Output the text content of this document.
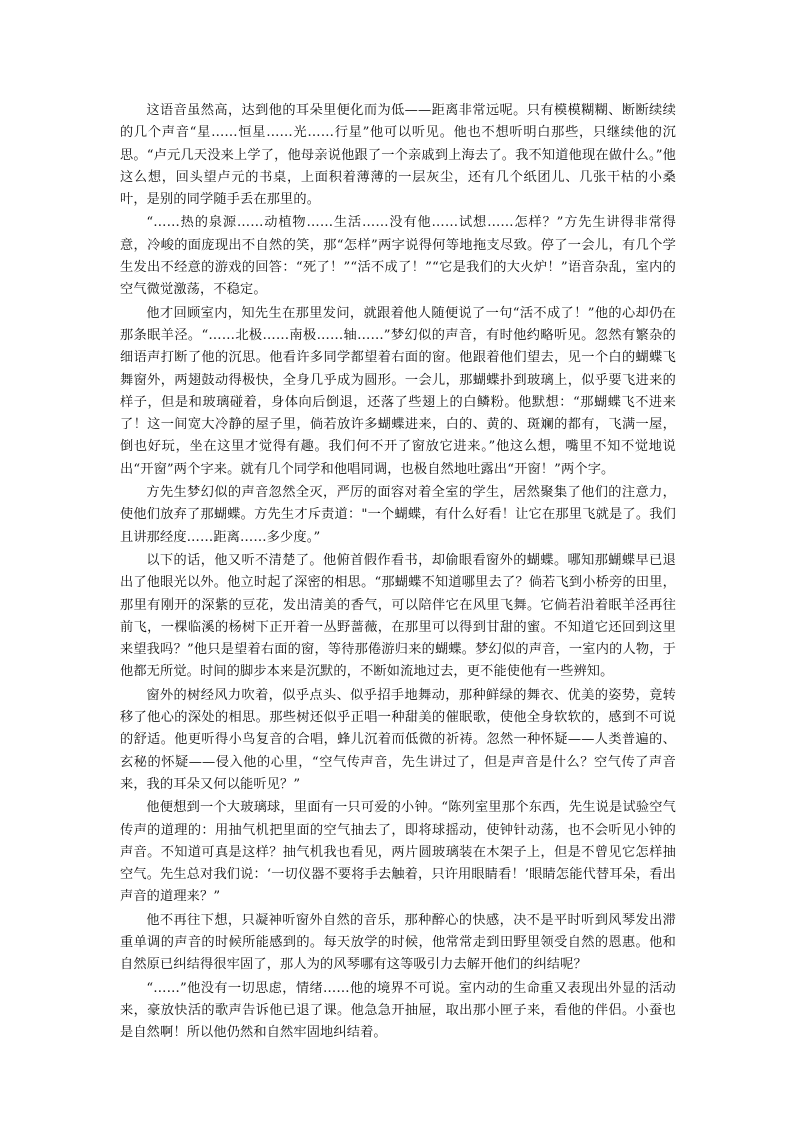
这语音虽然高，达到他的耳朵里便化而为低——距离非常远呢。只有模模糊糊、断断续续的几个声音“星……恒星……光……行星”他可以听见。他也不想听明白那些，只继续他的沉思。“卢元几天没来上学了，他母亲说他跟了一个亲戚到上海去了。我不知道他现在做什么。”他这么想，回头望卢元的书桌，上面积着薄薄的一层灰尘，还有几个纸团儿、几张干枯的小桑叶，是别的同学随手丢在那里的。

“……热的泉源……动植物……生活……没有他……试想……怎样？”方先生讲得非常得意，冷峻的面庞现出不自然的笑，那“怎样”两字说得何等地拖支尽致。停了一会儿，有几个学生发出不经意的游戏的回答：“死了！”“活不成了！”“它是我们的大火炉！”语音杂乱，室内的空气微觉激荡，不稳定。

他才回顾室内，知先生在那里发问，就跟着他人随便说了一句“活不成了！”他的心却仍在那条眠羊泾。“……北极……南极……轴……”梦幻似的声音，有时他约略听见。忽然有繁杂的细语声打断了他的沉思。他看许多同学都望着右面的窗。他跟着他们望去，见一个白的蝴蝶飞舞窗外，两翅鼓动得极快，全身几乎成为圆形。一会儿，那蝴蝶扑到玻璃上，似乎要飞进来的样子，但是和玻璃碰着，身体向后倒退，还落了些翅上的白鳞粉。他默想：“那蝴蝶飞不进来了！这一间宽大冷静的屋子里，倘若放许多蝴蝶进来，白的、黄的、斑斓的都有，飞满一屋，倒也好玩，坐在这里才觉得有趣。我们何不开了窗放它进来。”他这么想，嘴里不知不觉地说出“开窗”两个字来。就有几个同学和他唱同调，也极自然地吐露出“开窗！”两个字。

方先生梦幻似的声音忽然全灭，严厉的面容对着全室的学生，居然聚集了他们的注意力，使他们放弃了那蝴蝶。方先生才斥责道："一个蝴蝶，有什么好看！让它在那里飞就是了。我们且讲那经度……距离……多少度。”

以下的话，他又听不清楚了。他俯首假作看书，却偷眼看窗外的蝴蝶。哪知那蝴蝶早已退出了他眼光以外。他立时起了深密的相思。“那蝴蝶不知道哪里去了？倘若飞到小桥旁的田里，那里有刚开的深紫的豆花，发出清美的香气，可以陪伴它在风里飞舞。它倘若沿着眠羊泾再往前飞，一棵临溪的杨树下正开着一丛野蔷薇，在那里可以得到甘甜的蜜。不知道它还回到这里来望我吗？”他只是望着右面的窗，等待那倦游归来的蝴蝶。梦幻似的声音，一室内的人物，于他都无所觉。时间的脚步本来是沉默的，不断如流地过去，更不能使他有一些辨知。

窗外的树经风力吹着，似乎点头、似乎招手地舞动，那种鲜绿的舞衣、优美的姿势，竟转移了他心的深处的相思。那些树还似乎正唱一种甜美的催眠歌，使他全身软软的，感到不可说的舒适。他更听得小鸟复音的合唱，蜂儿沉着而低微的祈祷。忽然一种怀疑——人类普遍的、玄秘的怀疑——侵入他的心里，“空气传声音，先生讲过了，但是声音是什么？空气传了声音来，我的耳朵又何以能听见？”

他便想到一个大玻璃球，里面有一只可爱的小钟。“陈列室里那个东西，先生说是试验空气传声的道理的：用抽气机把里面的空气抽去了，即将球摇动，使钟针动荡，也不会听见小钟的声音。不知道可真是这样？抽气机我也看见，两片圆玻璃装在木架子上，但是不曾见它怎样抽空气。先生总对我们说：‘一切仪器不要将手去触着，只许用眼睛看！’眼睛怎能代替耳朵，看出声音的道理来？”

他不再往下想，只凝神听窗外自然的音乐，那种醉心的快感，决不是平时听到风琴发出滞重单调的声音的时候所能感到的。每天放学的时候，他常常走到田野里领受自然的恩惠。他和自然原已纠结得很牢固了，那人为的风琴哪有这等吸引力去解开他们的纠结呢？

“……”他没有一切思虑，情绪……他的境界不可说。室内动的生命重又表现出外显的活动来，豪放快活的歌声告诉他已退了课。他急急开抽屉，取出那小匣子来，看他的伴侣。小蚕也是自然啊！所以他仍然和自然牢固地纠结着。
